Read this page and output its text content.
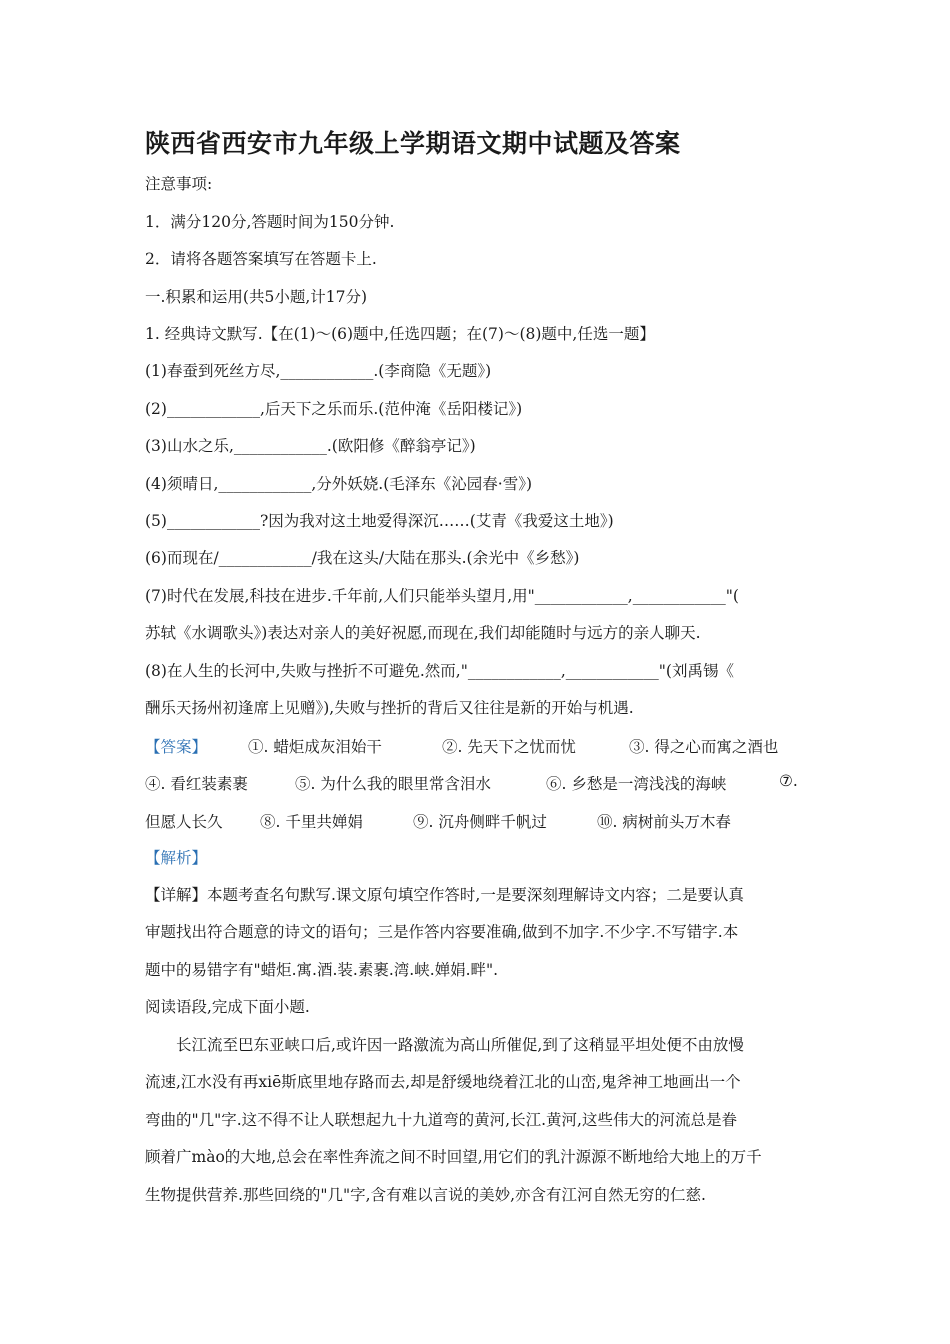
陕西省西安市九年级上学期语文期中试题及答案
注意事项:
1．满分120分,答题时间为150分钟.
2．请将各题答案填写在答题卡上.
一.积累和运用(共5小题,计17分)
1. 经典诗文默写.【在(1)～(6)题中,任选四题；在(7)～(8)题中,任选一题】
(1)春蚕到死丝方尽,____________.(李商隐《无题》)
(2)____________,后天下之乐而乐.(范仲淹《岳阳楼记》)
(3)山水之乐,____________.(欧阳修《醉翁亭记》)
(4)须晴日,____________,分外妖娆.(毛泽东《沁园春·雪》)
(5)____________?因为我对这土地爱得深沉……(艾青《我爱这土地》)
(6)而现在/____________/我在这头/大陆在那头.(余光中《乡愁》)
(7)时代在发展,科技在进步.千年前,人们只能举头望月,用"____________,____________"(
苏轼《水调歌头》)表达对亲人的美好祝愿,而现在,我们却能随时与远方的亲人聊天.
(8)在人生的长河中,失败与挫折不可避免.然而,"____________,____________"(刘禹锡《
酬乐天扬州初逢席上见赠》),失败与挫折的背后又往往是新的开始与机遇.
【答案】	①. 蜡炬成灰泪始干	②. 先天下之忧而忧	③. 得之心而寓之酒也
④. 看红装素裹	⑤. 为什么我的眼里常含泪水	⑥. 乡愁是一湾浅浅的海峡	⑦.
但愿人长久 ⑧. 千里共婵娟	⑨. 沉舟侧畔千帆过	⑩. 病树前头万木春
【解析】
【详解】本题考查名句默写.课文原句填空作答时,一是要深刻理解诗文内容；二是要认真
审题找出符合题意的诗文的语句；三是作答内容要准确,做到不加字.不少字.不写错字.本
题中的易错字有"蜡炬.寓.酒.装.素裹.湾.峡.婵娟.畔".
阅读语段,完成下面小题.
长江流至巴东亚峡口后,或许因一路激流为高山所催促,到了这稍显平坦处便不由放慢
流速,江水没有再xiē斯底里地存路而去,却是舒缓地绕着江北的山峦,鬼斧神工地画出一个
弯曲的"几"字.这不得不让人联想起九十九道弯的黄河,长江.黄河,这些伟大的河流总是眷
顾着广mào的大地,总会在率性奔流之间不时回望,用它们的乳汁源源不断地给大地上的万千
生物提供营养.那些回绕的"几"字,含有难以言说的美妙,亦含有江河自然无穷的仁慈.
